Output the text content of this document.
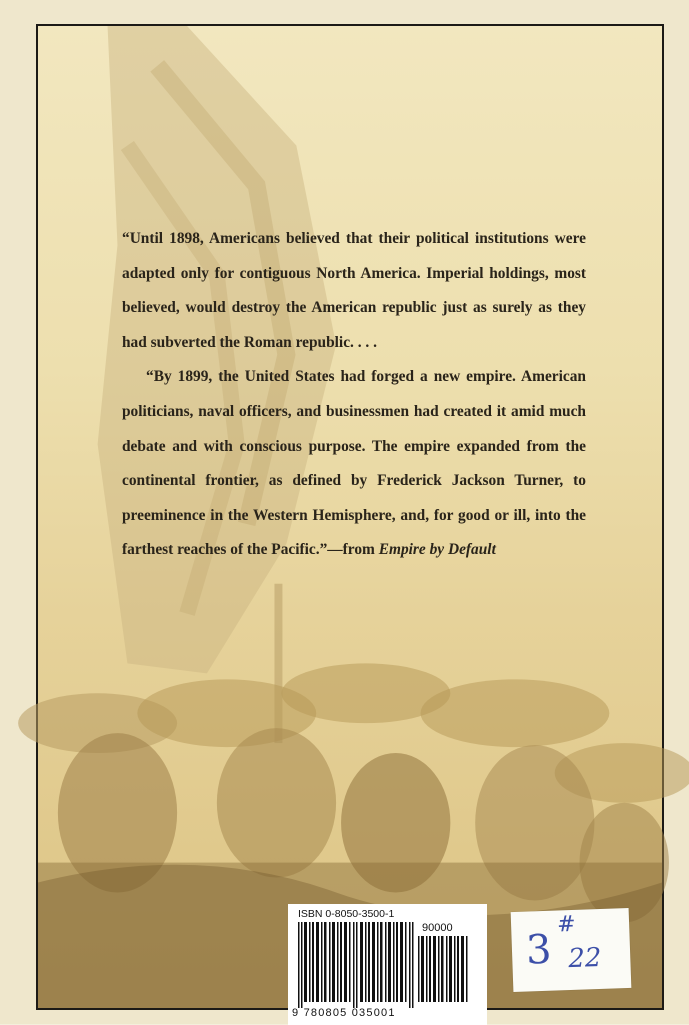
“Until 1898, Americans believed that their political institutions were adapted only for contiguous North America. Imperial holdings, most believed, would destroy the American republic just as surely as they had subverted the Roman republic. . . .

“By 1899, the United States had forged a new empire. American politicians, naval officers, and businessmen had created it amid much debate and with conscious purpose. The empire expanded from the continental frontier, as defined by Frederick Jackson Turner, to preeminence in the Western Hemisphere, and, for good or ill, into the farthest reaches of the Pacific.”—from Empire by Default

ISBN 0-8050-3500-1
90000
9 780805 035001
3
#
22
